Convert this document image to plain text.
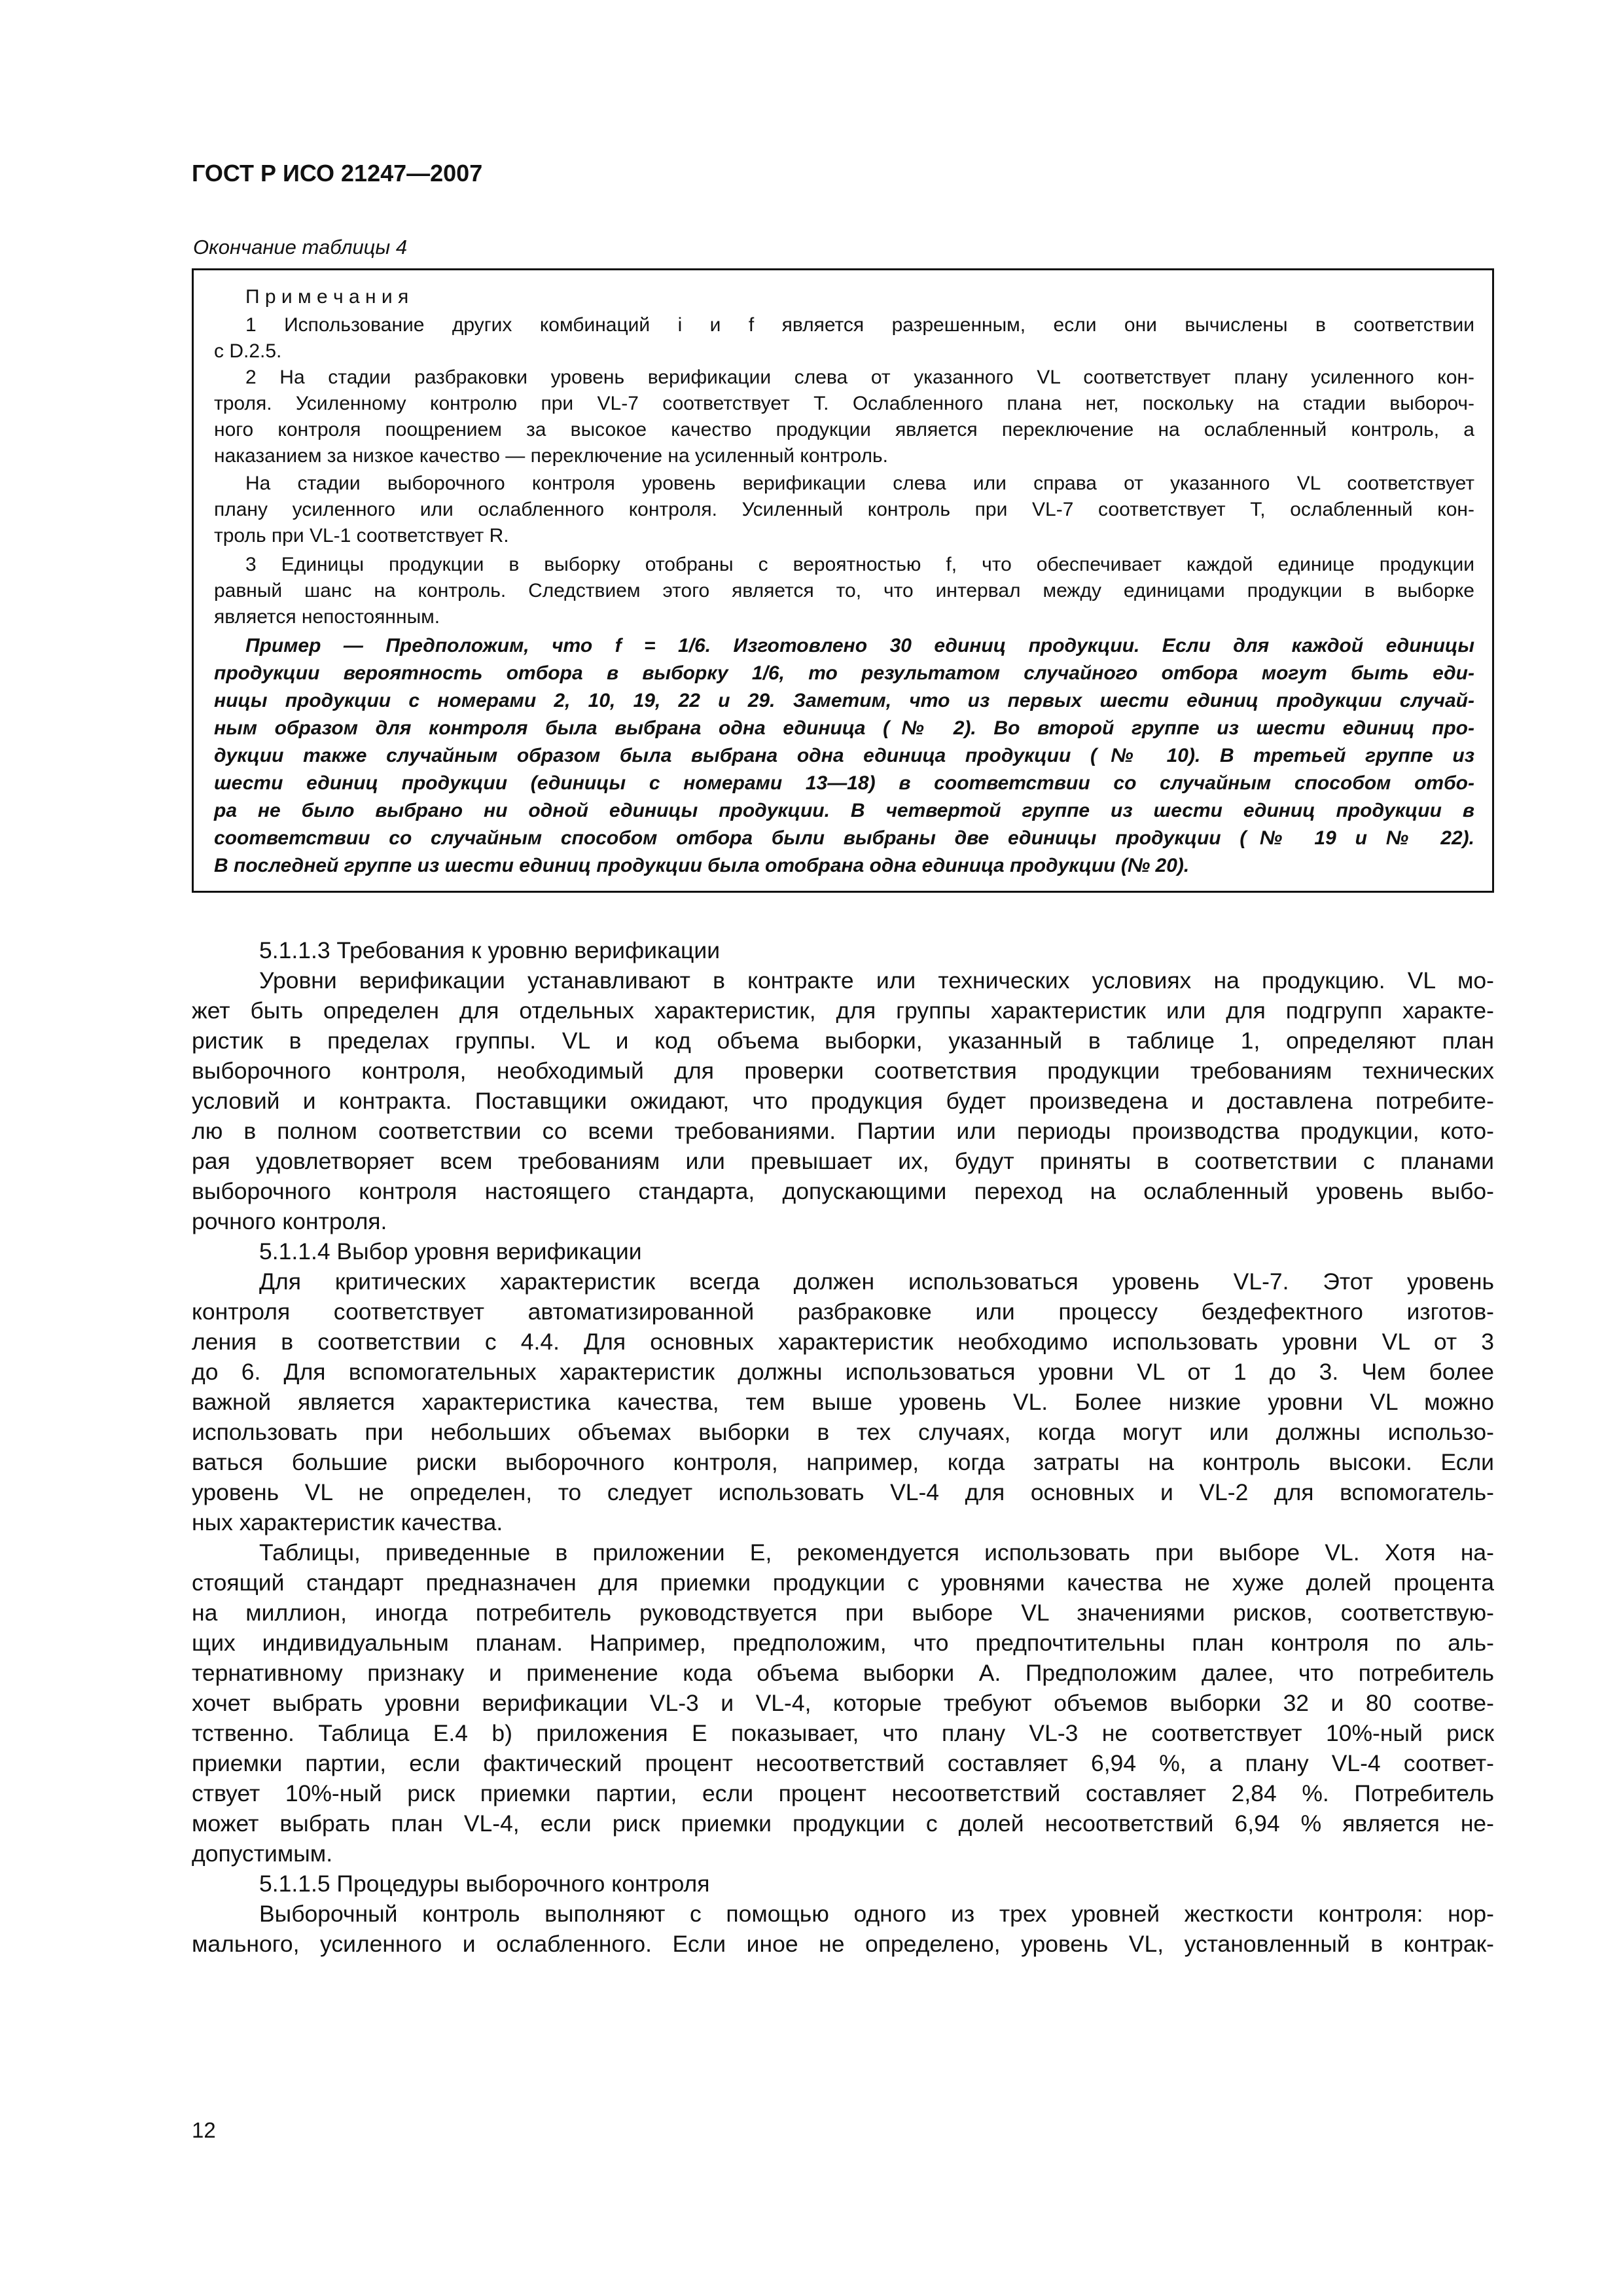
ГОСТ Р ИСО 21247—2007
Окончание таблицы 4
П р и м е ч а н и я
1 Использование других комбинаций i и f является разрешенным, если они вычислены в соответствии
с D.2.5.
2 На стадии разбраковки уровень верификации слева от указанного VL соответствует плану усиленного кон-
троля. Усиленному контролю при VL-7 соответствует T. Ослабленного плана нет, поскольку на стадии выбороч-
ного контроля поощрением за высокое качество продукции является переключение на ослабленный контроль, а
наказанием за низкое качество — переключение на усиленный контроль.
На стадии выборочного контроля уровень верификации слева или справа от указанного VL соответствует
плану усиленного или ослабленного контроля. Усиленный контроль при VL-7 соответствует T, ослабленный кон-
троль при VL-1 соответствует R.
3 Единицы продукции в выборку отобраны с вероятностью f, что обеспечивает каждой единице продукции
равный шанс на контроль. Следствием этого является то, что интервал между единицами продукции в выборке
является непостоянным.
Пример — Предположим, что f = 1/6. Изготовлено 30 единиц продукции. Если для каждой единицы
продукции вероятность отбора в выборку 1/6, то результатом случайного отбора могут быть еди-
ницы продукции с номерами 2, 10, 19, 22 и 29. Заметим, что из первых шести единиц продукции случай-
ным образом для контроля была выбрана одна единица (№ 2). Во второй группе из шести единиц про-
дукции также случайным образом была выбрана одна единица продукции (№ 10). В третьей группе из
шести единиц продукции (единицы с номерами 13—18) в соответствии со случайным способом отбо-
ра не было выбрано ни одной единицы продукции. В четвертой группе из шести единиц продукции в
соответствии со случайным способом отбора были выбраны две единицы продукции (№ 19 и № 22).
В последней группе из шести единиц продукции была отобрана одна единица продукции (№ 20).
5.1.1.3 Требования к уровню верификации
Уровни верификации устанавливают в контракте или технических условиях на продукцию. VL мо-
жет быть определен для отдельных характеристик, для группы характеристик или для подгрупп характе-
ристик в пределах группы. VL и код объема выборки, указанный в таблице 1, определяют план
выборочного контроля, необходимый для проверки соответствия продукции требованиям технических
условий и контракта. Поставщики ожидают, что продукция будет произведена и доставлена потребите-
лю в полном соответствии со всеми требованиями. Партии или периоды производства продукции, кото-
рая удовлетворяет всем требованиям или превышает их, будут приняты в соответствии с планами
выборочного контроля настоящего стандарта, допускающими переход на ослабленный уровень выбо-
рочного контроля.
5.1.1.4 Выбор уровня верификации
Для критических характеристик всегда должен использоваться уровень VL-7. Этот уровень
контроля соответствует автоматизированной разбраковке или процессу бездефектного изготов-
ления в соответствии с 4.4. Для основных характеристик необходимо использовать уровни VL от 3
до 6. Для вспомогательных характеристик должны использоваться уровни VL от 1 до 3. Чем более
важной является характеристика качества, тем выше уровень VL. Более низкие уровни VL можно
использовать при небольших объемах выборки в тех случаях, когда могут или должны использо-
ваться большие риски выборочного контроля, например, когда затраты на контроль высоки. Если
уровень VL не определен, то следует использовать VL-4 для основных и VL-2 для вспомогатель-
ных характеристик качества.
Таблицы, приведенные в приложении E, рекомендуется использовать при выборе VL. Хотя на-
стоящий стандарт предназначен для приемки продукции с уровнями качества не хуже долей процента
на миллион, иногда потребитель руководствуется при выборе VL значениями рисков, соответствую-
щих индивидуальным планам. Например, предположим, что предпочтительны план контроля по аль-
тернативному признаку и применение кода объема выборки A. Предположим далее, что потребитель
хочет выбрать уровни верификации VL-3 и VL-4, которые требуют объемов выборки 32 и 80 соотве-
тственно. Таблица E.4 b) приложения E показывает, что плану VL-3 не соответствует 10%-ный риск
приемки партии, если фактический процент несоответствий составляет 6,94 %, а плану VL-4 соответ-
ствует 10%-ный риск приемки партии, если процент несоответствий составляет 2,84 %. Потребитель
может выбрать план VL-4, если риск приемки продукции с долей несоответствий 6,94 % является не-
допустимым.
5.1.1.5 Процедуры выборочного контроля
Выборочный контроль выполняют с помощью одного из трех уровней жесткости контроля: нор-
мального, усиленного и ослабленного. Если иное не определено, уровень VL, установленный в контрак-
12
